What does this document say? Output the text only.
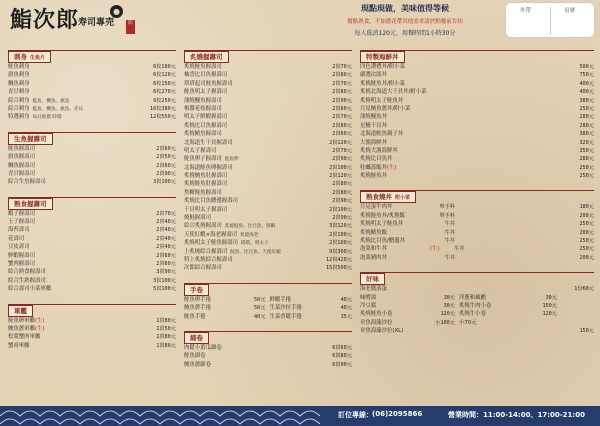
鮨次郎
寿司專売
●
店
現點現做，美味值得等候
餐點熟食，不加蔥花帶其他需求請於點餐前告知
每人低消120元，用餐時間1小時30分
外帶	桌號
刺身 生魚片
鮭魚刺身	6枚180元
旗魚刺身	6枚120元
鯛魚刺身	6枚150元
青甘刺身	6枚270元
綜合刺身 鮭魚、鯛魚、旗魚	9枚250元
綜合刺身 鮭魚、鯛魚、旗魚、赤貝	10枚380元
特選刺身 每日推薦 時價	12枚550元
生魚握壽司
鮭魚握壽司	2貫60元
旗魚握壽司	2貫50元
鯛魚握壽司	2貫60元
青甘握壽司	2貫90元
綜合生魚握壽司	3貫100元
熟食握壽司
蝦子握壽司	2貫70元
玉子握壽司	2貫40元
海苔壽司	2貫40元
花壽司	2貫40元
豆皮壽司	2貫40元
鮮蝦握壽司	2貫60元
蟹肉握壽司	2貫60元
綜合熟食握壽司	3貫90元
綜合生熟握壽司	3貫100元
綜合壽司小菜軍艦	5貫100元
軍艦
鮭魚卵軍艦(生)	1貫80元
鮪魚蔥軍艦(生)	1貫50元
松葉蟹肉軍艦	1貫80元
蟹膏軍艦	1貫80元
炙燒握壽司
炙燒鮭魚握壽司	2貫70元
柚香比目魚握壽司	2貫80元
塔塔起司鮭魚握壽司	2貫70元
鮭魚明太子握壽司	2貫80元
蒲燒鰻魚握壽司	2貫90元
梅醬花枝握壽司	2貫60元
明太子鮮蝦握壽司	2貫70元
炙燒比目魚握壽司	2貫80元
炙燒鯖魚握壽司	2貫60元
北海道生干貝握壽司	2貫120元
明太子握壽司	2貫70元
鮭魚卵子握壽司 鮭魚卵	2貫90元
北海道鮭魚卵握壽司	2貫100元
炙燒鮪魚肚握壽司	2貫120元
炙燒鮭魚肚握壽司	2貫80元
焦糖鮭魚握壽司	2貫80元
炙燒比目魚鰭邊握壽司	2貫90元
干貝明太子握壽司	2貫100元
燒鮭握壽司	2貫90元
綜合炙燒握壽司 炙燒鮭魚、比目魚、鮮蝦	3貫120元
天使紅蝦×海老握壽司 炙燒海老	2貫100元
炙燒明太子鮭魚握壽司 塔塔、明太子	2貫100元
上炙燒綜合握壽司 鮭魚、比目魚、天使紅蝦	9貫300元
特上炙燒綜合握壽司	12貫420元
次郎綜合握壽司	15貫500元
手卷
鮭魚卵手捲	50元 鮮蝦手捲	40元
鮪魚蔥手捲	50元 生菜沙拉手捲	40元
鮭魚手捲	40元 生菜香鬆手捲	35元
細卷
肉鬆小黃瓜細卷	6貫60元
鮭魚細卷	6貫80元
鮪魚蔥細卷	6貫90元
特製海鮮丼
四色讚禮丼/附小菜	500元
嚴選次郎丼	750元
炙燒鮭魚丼/附小菜	400元
炙燒北海道大干貝丼/附小菜	400元
炙燒明太子鮭魚丼	380元
月見鮪魚蔥丼/附小菜	250元
蒲燒鰻魚丼	280元
星鰻千貝丼	280元
北海道鮭魚親子丼	380元
大漁海鮮丼	320元
炙燒大漁海鮮丼	350元
炙燒比目魚丼	280元
牡蠣蓋飯丼(生)	250元
炙燒鮭魚丼	250元
熟食燒丼 附小菜
月見蛋牛肉丼	單手料	180元
炙燒鮭魚丼/炙燒飯	單手料	200元
炙燒明太子鮭魚丼	牛丼	250元
炙燒鯖魚飯	牛丼	200元
炙燒比目魚/鰭邊丼	牛丼	250元
泡菜和牛丼	(生)	牛丼	250元
泡菜豬肉丼	牛丼	200元
好味
海老醬蒸蛋	1份60元
味噌湯	30元 洋蔥和風醋	30元
冷豆腐	30元 炙燒牛肉小卷	150元
炙燒鮭魚小卷	120元 炙燒牛小卷	120元
章魚海藻沙拉	小100元 小70元
章魚海藻沙拉(XL)	150元
訂位專線： (06)2095866	營業時間： 11:00-14:00、17:00-21:00
